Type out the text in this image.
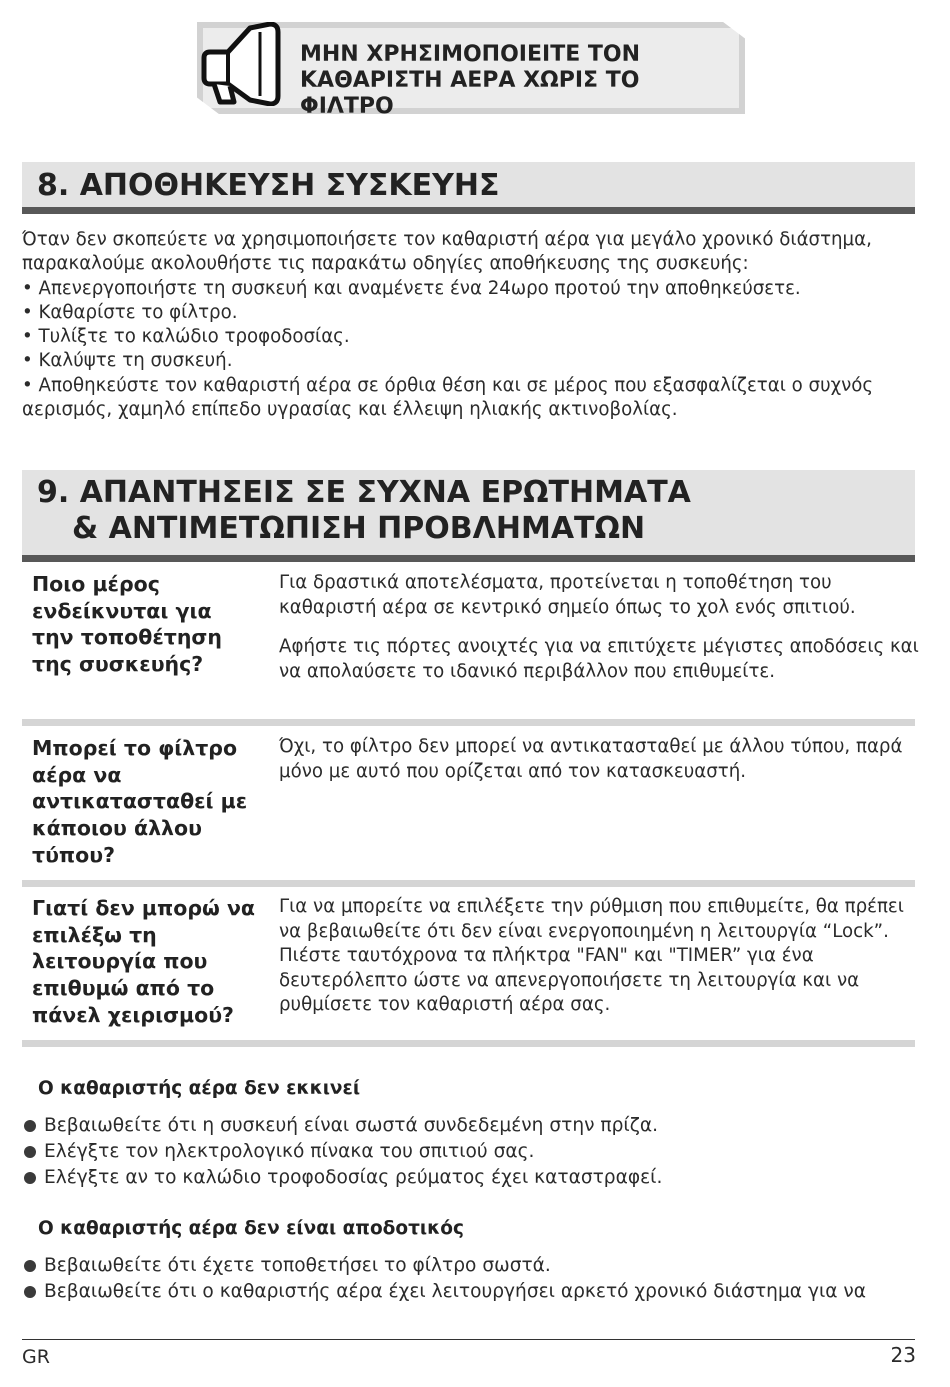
ΜΗΝ ΧΡΗΣΙΜΟΠΟΙΕΙΤΕ ΤΟΝ
ΚΑΘΑΡΙΣΤΗ ΑΕΡΑ ΧΩΡΙΣ ΤΟ ΦΙΛΤΡΟ
8. ΑΠΟΘΗΚΕΥΣΗ ΣΥΣΚΕΥΗΣ
Όταν δεν σκοπεύετε να χρησιμοποιήσετε τον καθαριστή αέρα για μεγάλο χρονικό διάστημα,
παρακαλούμε ακολουθήστε τις παρακάτω οδηγίες αποθήκευσης της συσκευής:
• Απενεργοποιήστε τη συσκευή και αναμένετε ένα 24ωρο προτού την αποθηκεύσετε.
• Καθαρίστε το φίλτρο.
• Τυλίξτε το καλώδιο τροφοδοσίας.
• Καλύψτε τη συσκευή.
• Αποθηκεύστε τον καθαριστή αέρα σε όρθια θέση και σε μέρος που εξασφαλίζεται ο συχνός
αερισμός, χαμηλό επίπεδο υγρασίας και έλλειψη ηλιακής ακτινοβολίας.
9. ΑΠΑΝΤΗΣΕΙΣ ΣΕ ΣΥΧΝΑ ΕΡΩΤΗΜΑΤΑ
& ΑΝΤΙΜΕΤΩΠΙΣΗ ΠΡΟΒΛΗΜΑΤΩΝ
Ποιο μέρος ενδείκνυται για την τοποθέτηση της συσκευής?

Για δραστικά αποτελέσματα, προτείνεται η τοποθέτηση του καθαριστή αέρα σε κεντρικό σημείο όπως το χολ ενός σπιτιού.

Αφήστε τις πόρτες ανοιχτές για να επιτύχετε μέγιστες αποδόσεις και να απολαύσετε το ιδανικό περιβάλλον που επιθυμείτε.

Μπορεί το φίλτρο αέρα να αντικατασταθεί με κάποιου άλλου τύπου?

Όχι, το φίλτρο δεν μπορεί να αντικατασταθεί με άλλου τύπου, παρά μόνο με αυτό που ορίζεται από τον κατασκευαστή.

Γιατί δεν μπορώ να επιλέξω τη λειτουργία που επιθυμώ από το πάνελ χειρισμού?

Για να μπορείτε να επιλέξετε την ρύθμιση που επιθυμείτε, θα πρέπει να βεβαιωθείτε ότι δεν είναι ενεργοποιημένη η λειτουργία “Lock”. Πιέστε ταυτόχρονα τα πλήκτρα "FAN" και "TIMER” για ένα δευτερόλεπτο ώστε να απενεργοποιήσετε τη λειτουργία και να ρυθμίσετε τον καθαριστή αέρα σας.

Ο καθαριστής αέρα δεν εκκινεί
Βεβαιωθείτε ότι η συσκευή είναι σωστά συνδεδεμένη στην πρίζα.
Ελέγξτε τον ηλεκτρολογικό πίνακα του σπιτιού σας.
Ελέγξτε αν το καλώδιο τροφοδοσίας ρεύματος έχει καταστραφεί.
Ο καθαριστής αέρα δεν είναι αποδοτικός
Βεβαιωθείτε ότι έχετε τοποθετήσει το φίλτρο σωστά.
Βεβαιωθείτε ότι ο καθαριστής αέρα έχει λειτουργήσει αρκετό χρονικό διάστημα για να
GR	23
